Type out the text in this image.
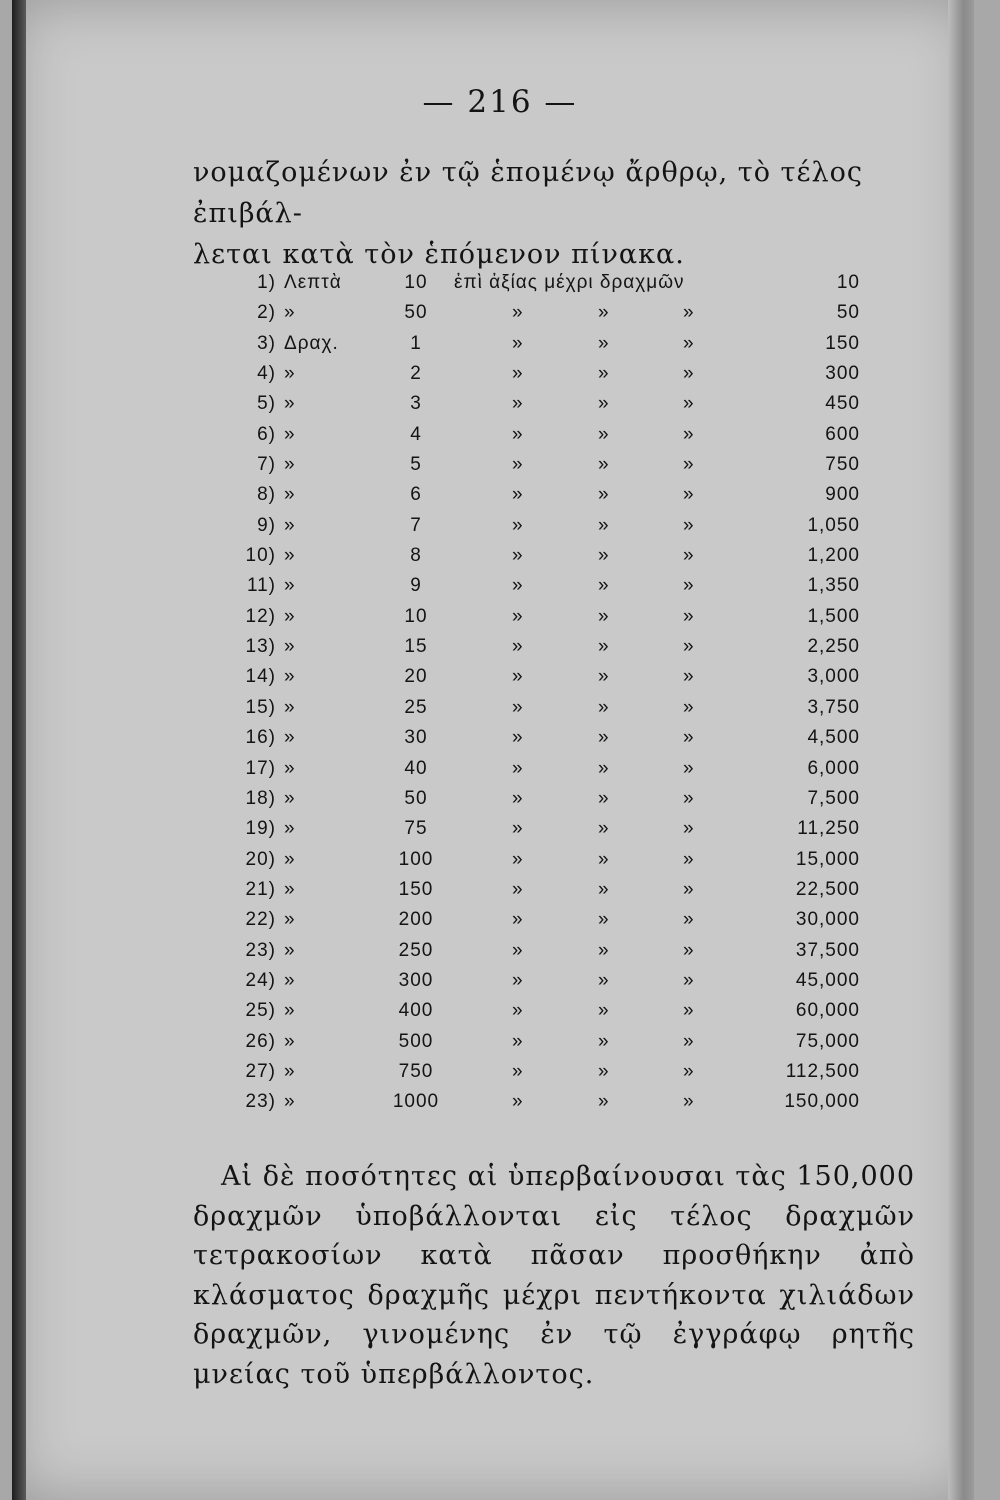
— 216 —

νομαζομένων ἐν τῷ ἑπομένῳ ἄρθρῳ, τὸ τέλος ἐπιβάλ-

λεται κατὰ τὸν ἑπόμενον πίνακα.

1) Λεπτὰ	10	ἐπὶ ἀξίας μέχρι δραχμῶν	10
2) »	50	»	»	»	50
3) Δραχ.	1	»	»	»	150
4) »	2	»	»	»	300
5) »	3	»	»	»	450
6) »	4	»	»	»	600
7) »	5	»	»	»	750
8) »	6	»	»	»	900
9) »	7	»	»	»	1,050
10) »	8	»	»	»	1,200
11) »	9	»	»	»	1,350
12) »	10	»	»	»	1,500
13) »	15	»	»	»	2,250
14) »	20	»	»	»	3,000
15) »	25	»	»	»	3,750
16) »	30	»	»	»	4,500
17) »	40	»	»	»	6,000
18) »	50	»	»	»	7,500
19) »	75	»	»	»	11,250
20) »	100	»	»	»	15,000
21) »	150	»	»	»	22,500
22) »	200	»	»	»	30,000
23) »	250	»	»	»	37,500
24) »	300	»	»	»	45,000
25) »	400	»	»	»	60,000
26) »	500	»	»	»	75,000
27) »	750	»	»	»	112,500
23) »	1000	»	»	»	150,000

Αἱ δὲ ποσότητες αἱ ὑπερβαίνουσαι τὰς 150,000 δραχμῶν ὑποβάλλονται εἰς τέλος δραχμῶν τετρακοσίων κατὰ πᾶσαν προσθήκην ἀπὸ κλάσματος δραχμῆς μέχρι πεντήκοντα χιλιάδων δραχμῶν, γινομένης ἐν τῷ ἐγγράφῳ ρητῆς μνείας τοῦ ὑπερβάλλοντος.
